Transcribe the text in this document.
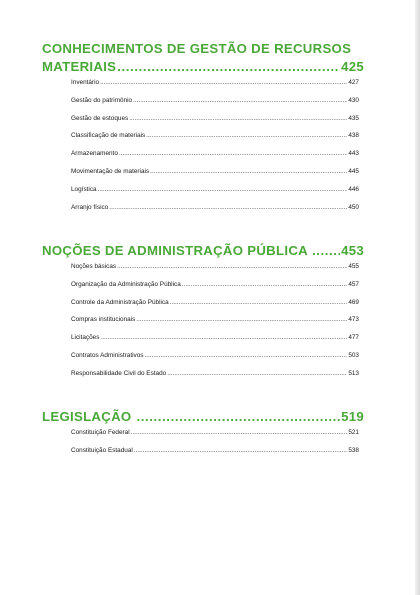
CONHECIMENTOS DE GESTÃO DE RECURSOS
MATERIAIS .....	425
Inventário .....	427
Gestão do patrimônio .....	430
Gestão de estoques .....	435
Classificação de materiais .....	438
Armazenamento .....	443
Movimentação de materiais .....	445
Logística .....	446
Arranjo físico .....	450
NOÇÕES DE ADMINISTRAÇÃO PÚBLICA .....	453
Noções básicas .....	455
Organização da Administração Pública .....	457
Controle da Administração Pública .....	469
Compras institucionais .....	473
Licitações .....	477
Contratos Administrativos .....	503
Responsabilidade Civil do Estado .....	513
LEGISLAÇÃO .....	519
Constituição Federal .....	521
Constituição Estadual .....	538
